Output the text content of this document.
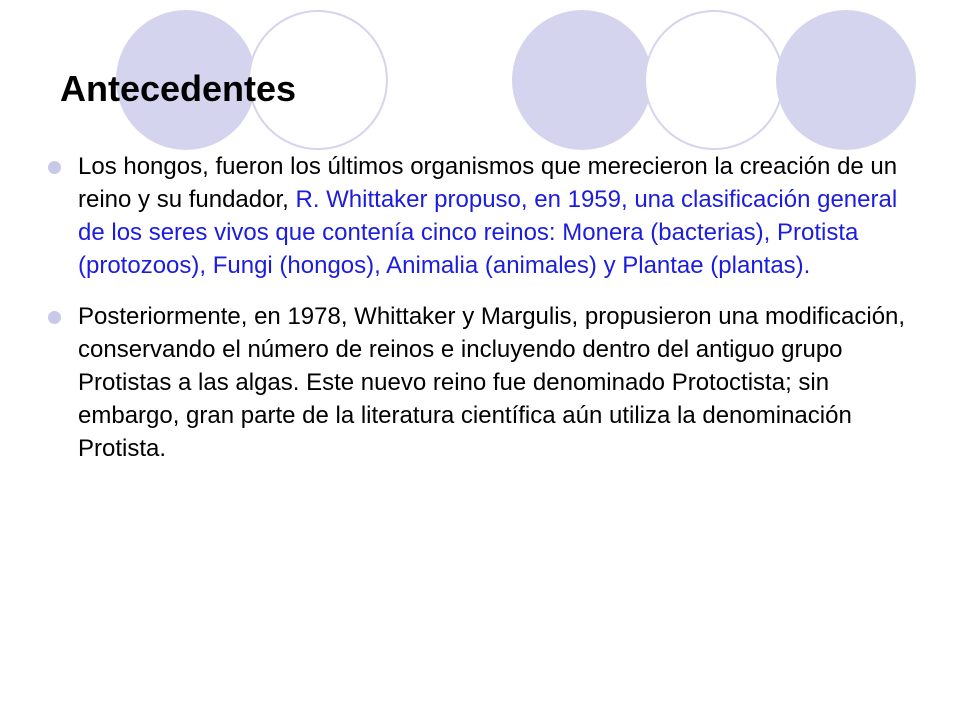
Antecedentes
Los hongos, fueron los últimos organismos que merecieron la creación de un reino y su fundador, R. Whittaker propuso, en 1959, una clasificación general de los seres vivos que contenía cinco reinos: Monera (bacterias), Protista (protozoos), Fungi (hongos), Animalia (animales) y Plantae (plantas).
Posteriormente, en 1978, Whittaker y Margulis, propusieron una modificación, conservando el número de reinos e incluyendo dentro del antiguo grupo Protistas a las algas. Este nuevo reino fue denominado Protoctista; sin embargo, gran parte de la literatura científica aún utiliza la denominación Protista.
